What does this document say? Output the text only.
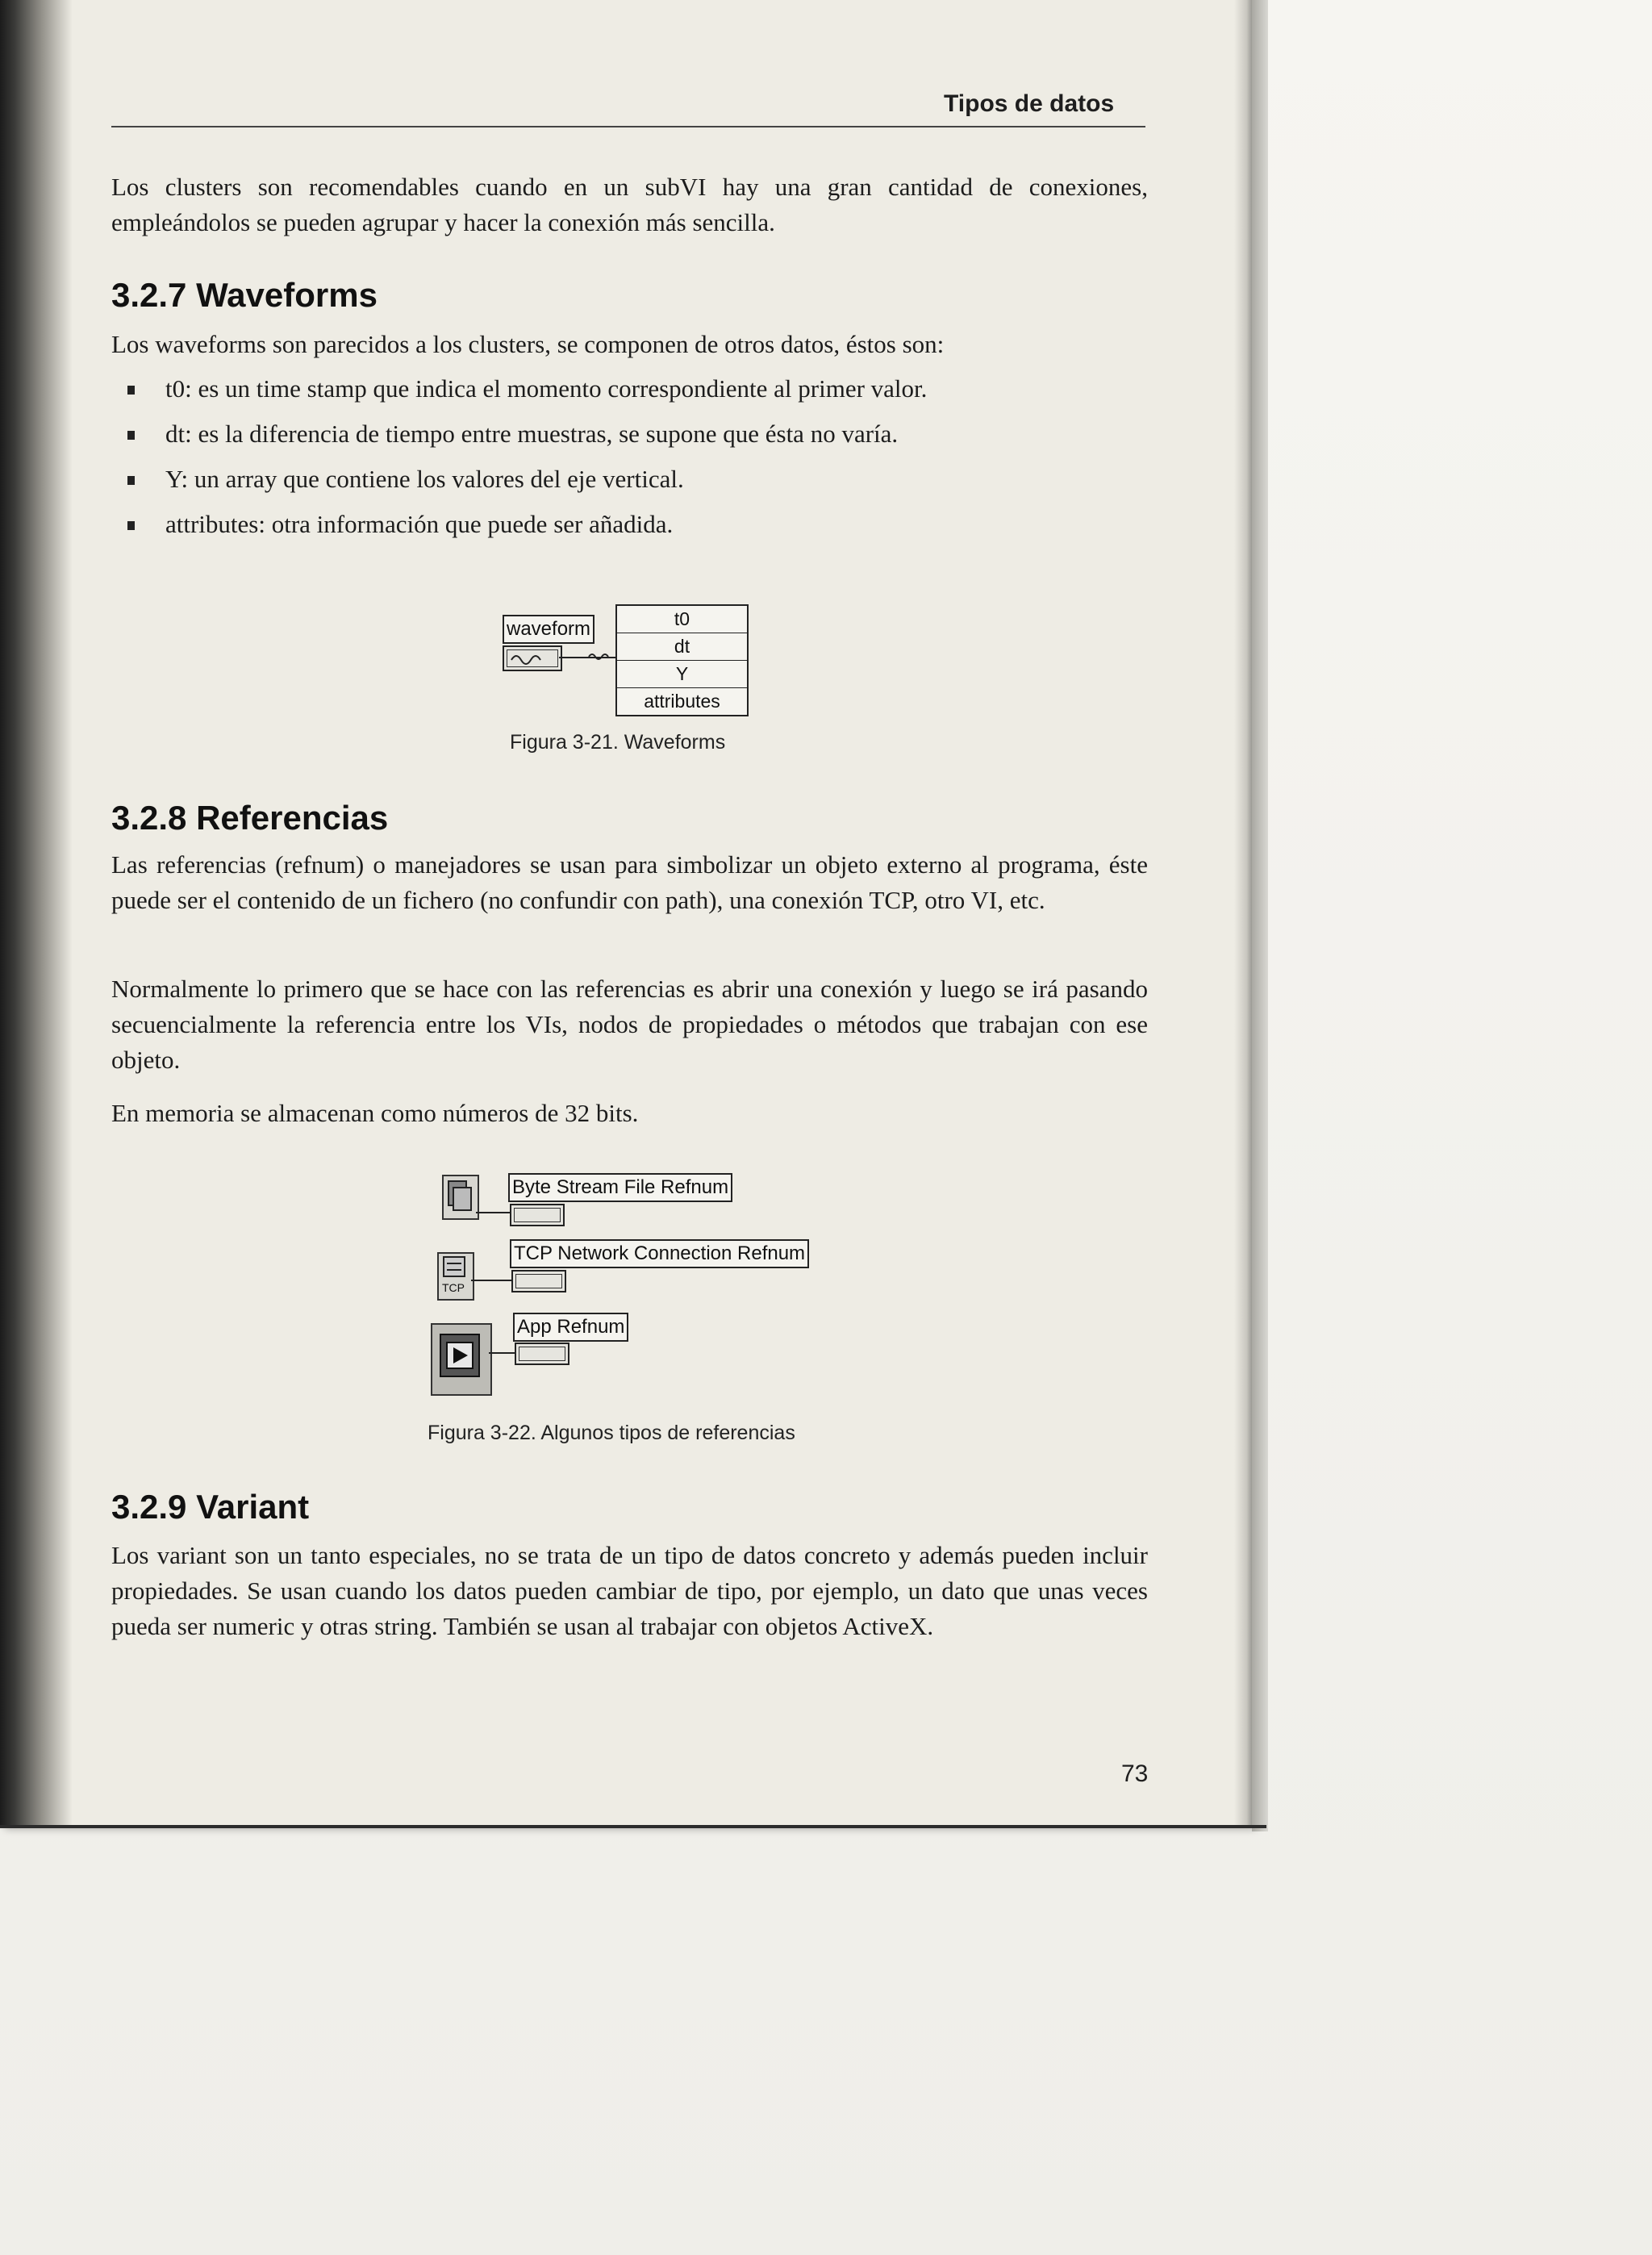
Tipos de datos

Los clusters son recomendables cuando en un subVI hay una gran cantidad de conexiones, empleándolos se pueden agrupar y hacer la conexión más sencilla.

3.2.7 Waveforms

Los waveforms son parecidos a los clusters, se componen de otros datos, éstos son:

t0: es un time stamp que indica el momento correspondiente al primer valor.
dt: es la diferencia de tiempo entre muestras, se supone que ésta no varía.
Y: un array que contiene los valores del eje vertical.
attributes: otra información que puede ser añadida.
waveform	t0
dt
Y
attributes
Figura 3-21. Waveforms
3.2.8 Referencias

Las referencias (refnum) o manejadores se usan para simbolizar un objeto externo al programa, éste puede ser el contenido de un fichero (no confundir con path), una conexión TCP, otro VI, etc.

Normalmente lo primero que se hace con las referencias es abrir una conexión y luego se irá pasando secuencialmente la referencia entre los VIs, nodos de propiedades o métodos que trabajan con ese objeto.

En memoria se almacenan como números de 32 bits.

Byte Stream File Refnum
TCP
TCP Network Connection Refnum
App Refnum
Figura 3-22. Algunos tipos de referencias
3.2.9 Variant

Los variant son un tanto especiales, no se trata de un tipo de datos concreto y además pueden incluir propiedades. Se usan cuando los datos pueden cambiar de tipo, por ejemplo, un dato que unas veces pueda ser numeric y otras string. También se usan al trabajar con objetos ActiveX.

73
